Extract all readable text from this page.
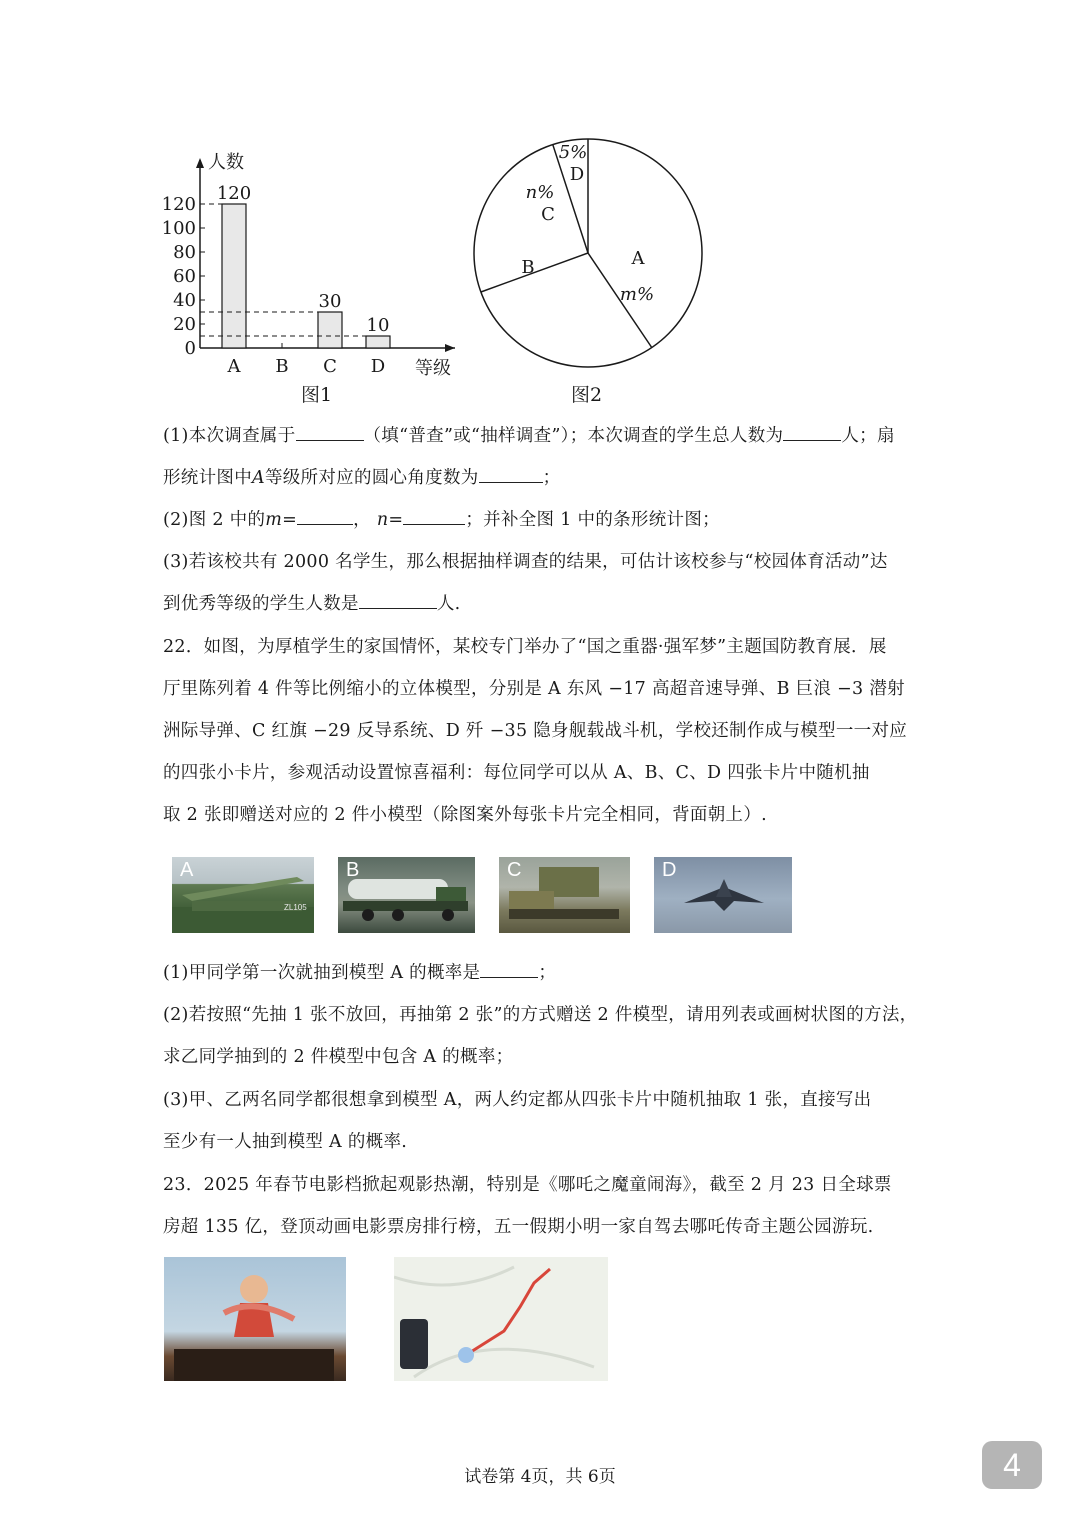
人数
等级
0
20
40
60
80
100
120
A
120
B C
30
D
10
图1
A
m%
B
C
n%
D
5%
图2
(1)本次调查属于	（填“普查”或“抽样调查”）；本次调查的学生总人数为	人；扇
形统计图中A等级所对应的圆心角度数为	；
(2)图 2 中的m=	， n=	；并补全图 1 中的条形统计图；
(3)若该校共有 2000 名学生，那么根据抽样调查的结果，可估计该校参与“校园体育活动”达
到优秀等级的学生人数是	人.
22．如图，为厚植学生的家国情怀，某校专门举办了“国之重器·强军梦”主题国防教育展．展
厅里陈列着 4 件等比例缩小的立体模型，分别是 A 东风 −17 高超音速导弹、B 巨浪 −3 潜射
洲际导弹、C 红旗 −29 反导系统、D 歼 −35 隐身舰载战斗机，学校还制作成与模型一一对应
的四张小卡片，参观活动设置惊喜福利：每位同学可以从 A、B、C、D 四张卡片中随机抽
取 2 张即赠送对应的 2 件小模型（除图案外每张卡片完全相同，背面朝上）.
A
ZL105
B	C	D
(1)甲同学第一次就抽到模型 A 的概率是	；
(2)若按照“先抽 1 张不放回，再抽第 2 张”的方式赠送 2 件模型，请用列表或画树状图的方法，
求乙同学抽到的 2 件模型中包含 A 的概率；
(3)甲、乙两名同学都很想拿到模型 A，两人约定都从四张卡片中随机抽取 1 张，直接写出
至少有一人抽到模型 A 的概率.
23．2025 年春节电影档掀起观影热潮，特别是《哪吒之魔童闹海》，截至 2 月 23 日全球票
房超 135 亿，登顶动画电影票房排行榜，五一假期小明一家自驾去哪吒传奇主题公园游玩.
试卷第 4页，共 6页	4
